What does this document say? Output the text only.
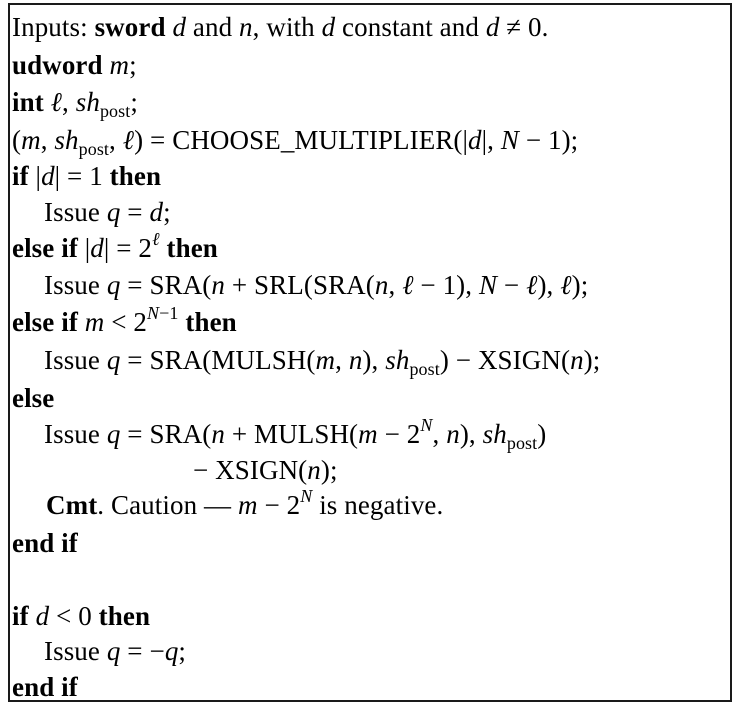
Inputs: sword d and n, with d constant and d ≠ 0.
udword m;
int ℓ, $sh_{post}$;
(m, $sh_{post}$, ℓ) = CHOOSE_MULTIPLIER(|d|, N − 1);
if |d| = 1 then
Issue q = d;
else if $|d| = 2^\ell$ then
Issue q = SRA(n + SRL(SRA(n, ℓ − 1), N − ℓ), ℓ);
else if $m < 2^{N-1}$ then
Issue q = SRA(MULSH(m, n), $sh_{post}$) − XSIGN(n);
else
Issue q = SRA(n + MULSH(m − $2^N$, n), $sh_{post}$)
− XSIGN(n);
Cmt. Caution — $m - 2^N$ is negative.
end if
if d < 0 then
Issue q = −q;
end if
